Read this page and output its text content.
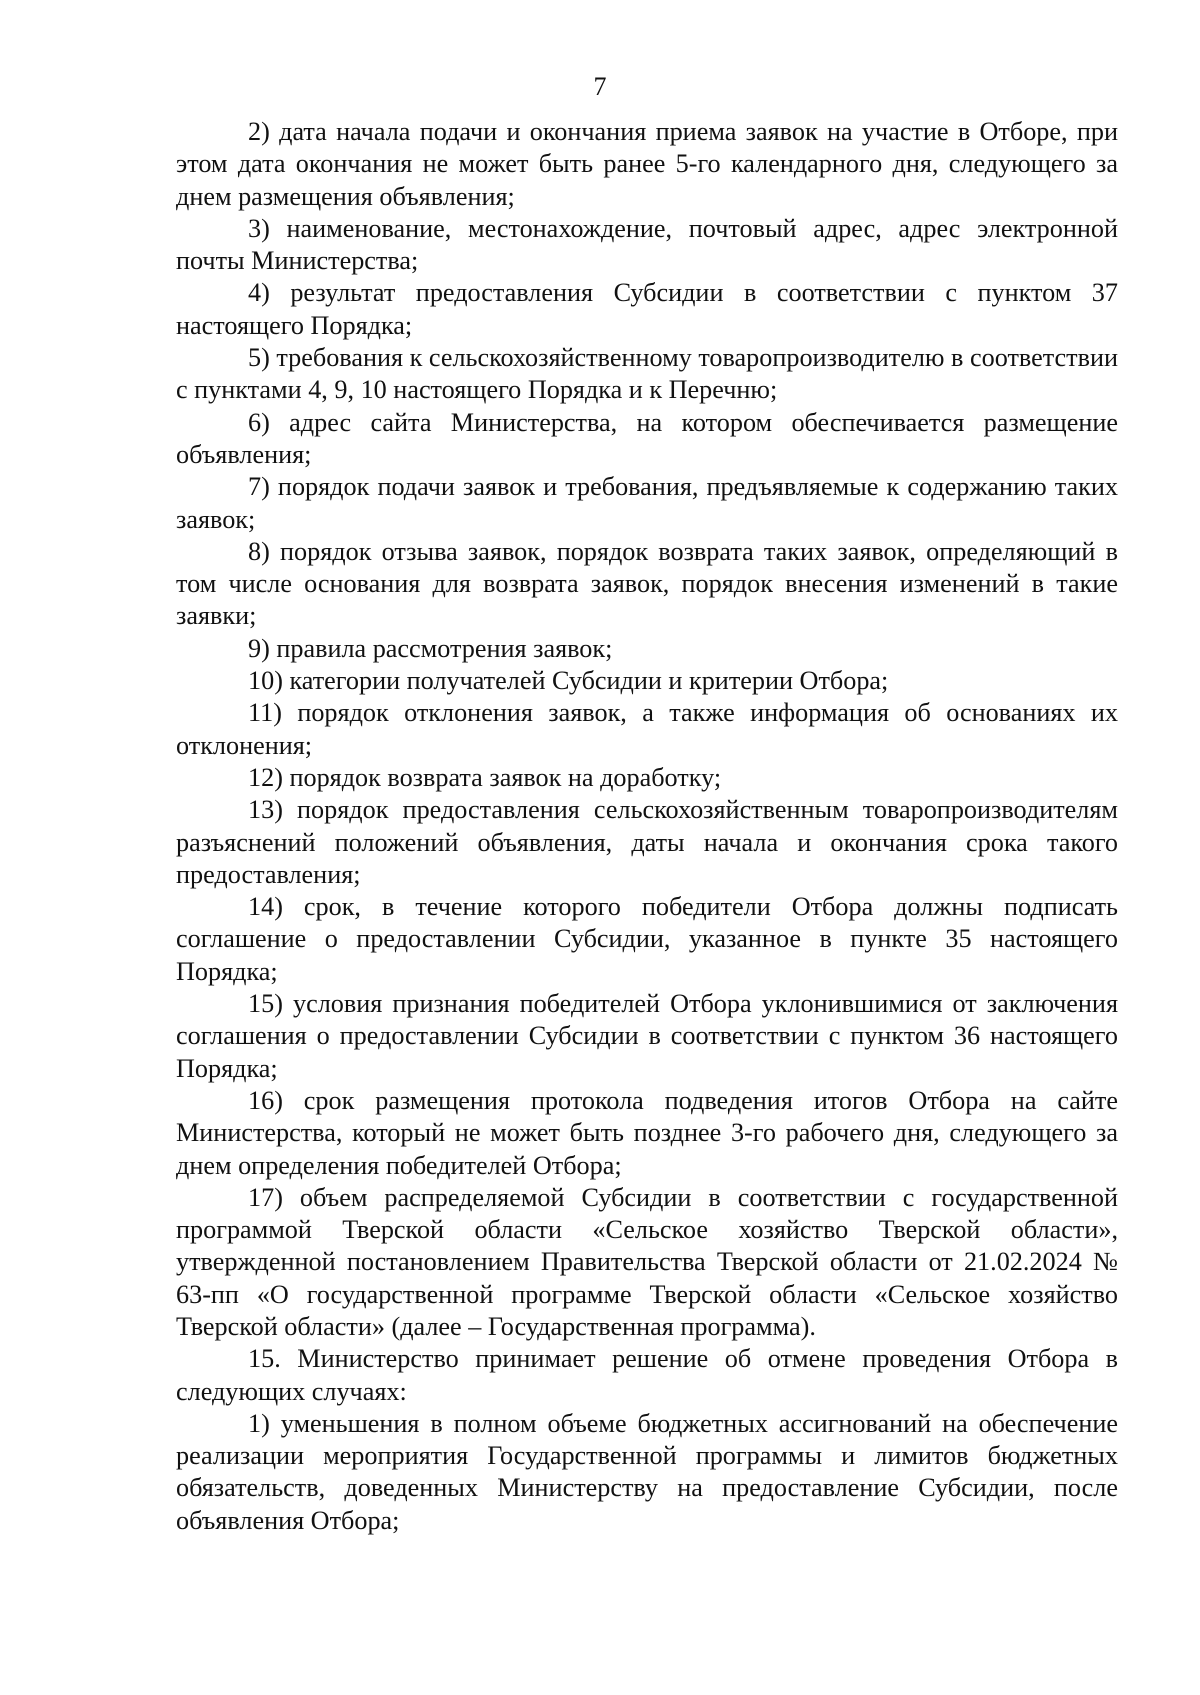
7

2) дата начала подачи и окончания приема заявок на участие в Отборе, при этом дата окончания не может быть ранее 5-го календарного дня, следующего за днем размещения объявления;

3) наименование, местонахождение, почтовый адрес, адрес электронной почты Министерства;

4) результат предоставления Субсидии в соответствии с пунктом 37 настоящего Порядка;

5) требования к сельскохозяйственному товаропроизводителю в соответствии с пунктами 4, 9, 10 настоящего Порядка и к Перечню;

6) адрес сайта Министерства, на котором обеспечивается размещение объявления;

7) порядок подачи заявок и требования, предъявляемые к содержанию таких заявок;

8) порядок отзыва заявок, порядок возврата таких заявок, определяющий в том числе основания для возврата заявок, порядок внесения изменений в такие заявки;

9) правила рассмотрения заявок;

10) категории получателей Субсидии и критерии Отбора;

11) порядок отклонения заявок, а также информация об основаниях их отклонения;

12) порядок возврата заявок на доработку;

13) порядок предоставления сельскохозяйственным товаропроизводителям разъяснений положений объявления, даты начала и окончания срока такого предоставления;

14) срок, в течение которого победители Отбора должны подписать соглашение о предоставлении Субсидии, указанное в пункте 35 настоящего Порядка;

15) условия признания победителей Отбора уклонившимися от заключения соглашения о предоставлении Субсидии в соответствии с пунктом 36 настоящего Порядка;

16) срок размещения протокола подведения итогов Отбора на сайте Министерства, который не может быть позднее 3-го рабочего дня, следующего за днем определения победителей Отбора;

17) объем распределяемой Субсидии в соответствии с государственной программой Тверской области «Сельское хозяйство Тверской области», утвержденной постановлением Правительства Тверской области от 21.02.2024 № 63-пп «О государственной программе Тверской области «Сельское хозяйство Тверской области» (далее – Государственная программа).

15. Министерство принимает решение об отмене проведения Отбора в следующих случаях:

1) уменьшения в полном объеме бюджетных ассигнований на обеспечение реализации мероприятия Государственной программы и лимитов бюджетных обязательств, доведенных Министерству на предоставление Субсидии, после объявления Отбора;
